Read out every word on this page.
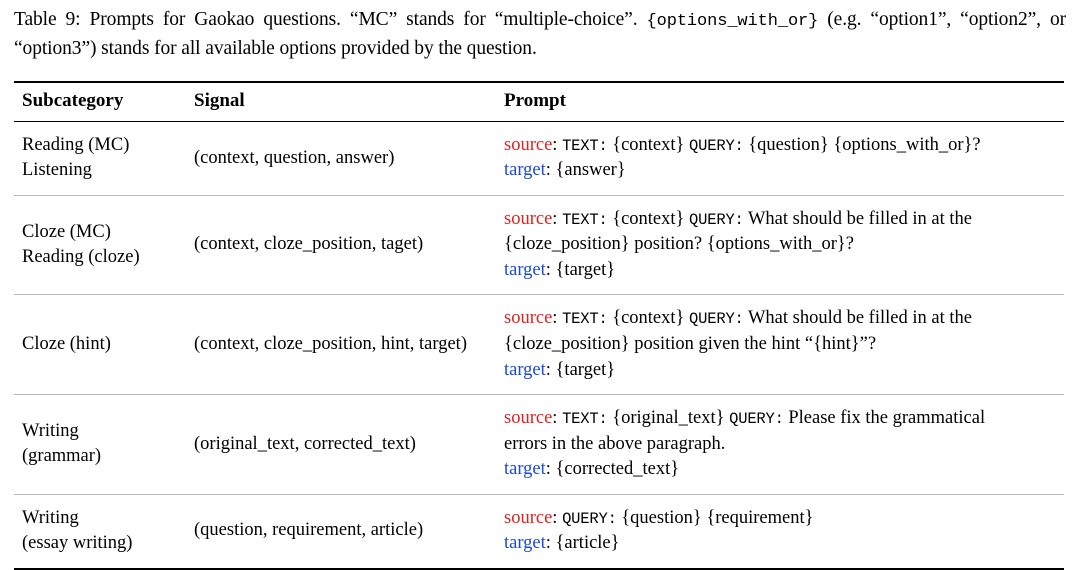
Table 9: Prompts for Gaokao questions. “MC” stands for “multiple-choice”. {options_with_or} (e.g. “option1”, “option2”, or “option3”) stands for all available options provided by the question.

Subcategory	Signal	Prompt

Reading (MC)
Listening	(context, question, answer)	source: TEXT: {context} QUERY: {question} {options_with_or}?
target: {answer}

Cloze (MC)
Reading (cloze)	(context, cloze_position, taget)	source: TEXT: {context} QUERY: What should be filled in at the
{cloze_position} position? {options_with_or}?
target: {target}

Cloze (hint)	(context, cloze_position, hint, target)	source: TEXT: {context} QUERY: What should be filled in at the
{cloze_position} position given the hint “{hint}”?
target: {target}

Writing
(grammar)	(original_text, corrected_text)	source: TEXT: {original_text} QUERY: Please fix the grammatical
errors in the above paragraph.
target: {corrected_text}

Writing
(essay writing)	(question, requirement, article)	source: QUERY: {question} {requirement}
target: {article}
